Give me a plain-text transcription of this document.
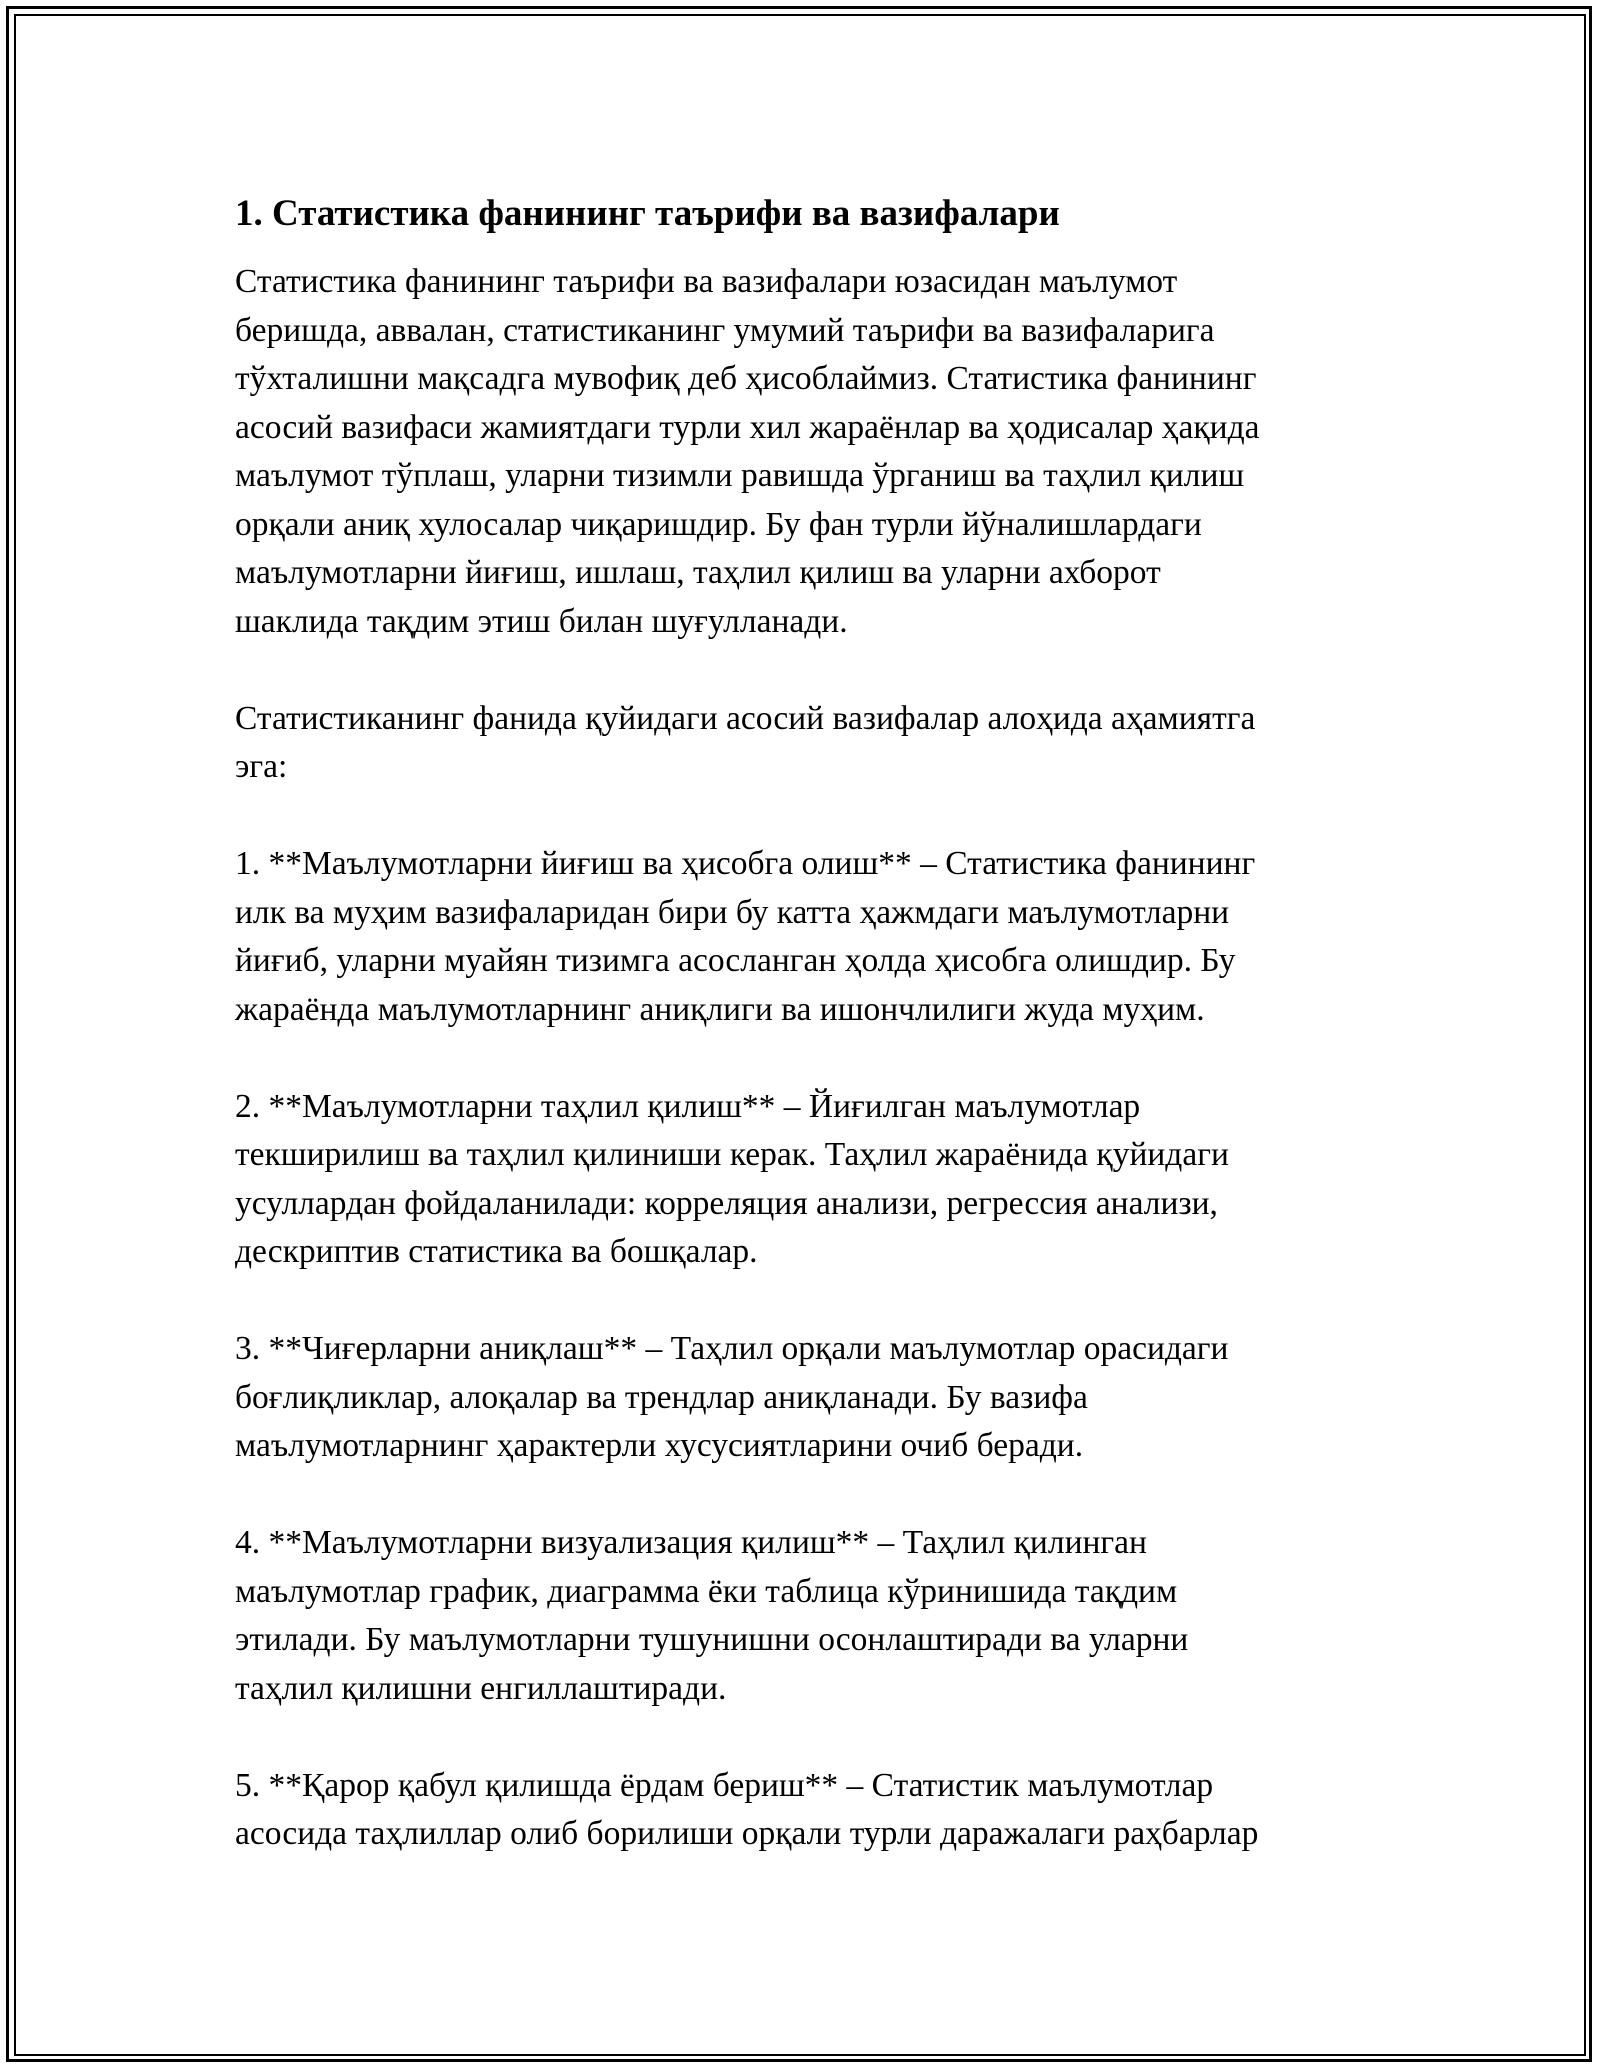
1. Статистика фанининг таърифи ва вазифалари

Статистика фанининг таърифи ва вазифалари юзасидан маълумот
беришда, аввалан, статистиканинг умумий таърифи ва вазифаларига
тўхталишни мақсадга мувофиқ деб ҳисоблаймиз. Статистика фанининг
асосий вазифаси жамиятдаги турли хил жараёнлар ва ҳодисалар ҳақида
маълумот тўплаш, уларни тизимли равишда ўрганиш ва таҳлил қилиш
орқали аниқ хулосалар чиқаришдир. Бу фан турли йўналишлардаги
маълумотларни йиғиш, ишлаш, таҳлил қилиш ва уларни ахборот
шаклида тақдим этиш билан шуғулланади.

Статистиканинг фанида қуйидаги асосий вазифалар алоҳида аҳамиятга
эга:

1. **Маълумотларни йиғиш ва ҳисобга олиш** – Статистика фанининг
илк ва муҳим вазифаларидан бири бу катта ҳажмдаги маълумотларни
йиғиб, уларни муайян тизимга асосланган ҳолда ҳисобга олишдир. Бу
жараёнда маълумотларнинг аниқлиги ва ишончлилиги жуда муҳим.

2. **Маълумотларни таҳлил қилиш** – Йиғилган маълумотлар
текширилиш ва таҳлил қилиниши керак. Таҳлил жараёнида қуйидаги
усуллардан фойдаланилади: корреляция анализи, регрессия анализи,
дескриптив статистика ва бошқалар.

3. **Чиғерларни аниқлаш** – Таҳлил орқали маълумотлар орасидаги
боғлиқликлар, алоқалар ва трендлар аниқланади. Бу вазифа
маълумотларнинг ҳарактерли хусусиятларини очиб беради.

4. **Маълумотларни визуализация қилиш** – Таҳлил қилинган
маълумотлар график, диаграмма ёки таблица кўринишида тақдим
этилади. Бу маълумотларни тушунишни осонлаштиради ва уларни
таҳлил қилишни енгиллаштиради.

5. **Қарор қабул қилишда ёрдам бериш** – Статистик маълумотлар
асосида таҳлиллар олиб борилиши орқали турли даражалаги раҳбарлар
